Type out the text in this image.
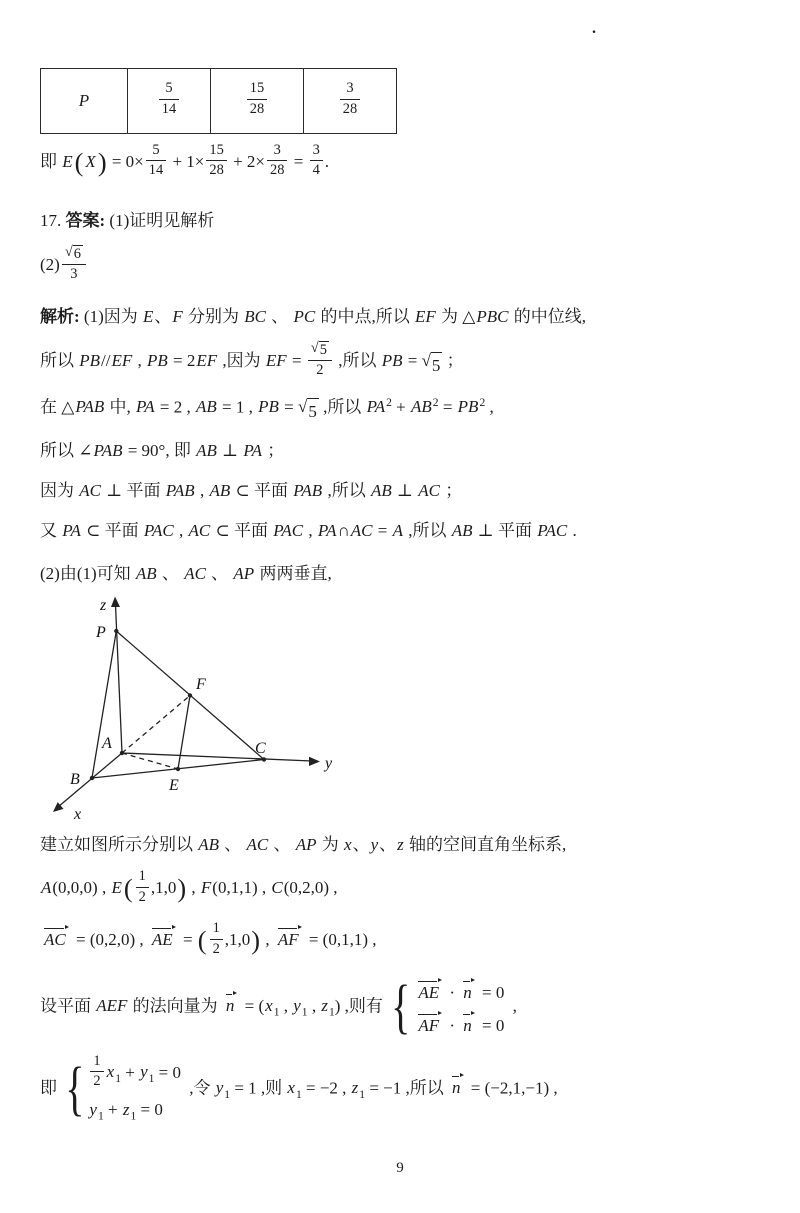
.
P	$\frac{5}{14}$	$\frac{15}{28}$	$\frac{3}{28}$
即 E( $X) = 0\times \frac{5}{14} + 1\times \frac{15}{28} + 2\times \frac{3}{28} = \frac{3}{4}$ .
17. 答案: (1)证明见解析
(2) √ $\frac{6}{3}$
解析: (1)因为 E、F 分别为 BC 、 PC 的中点,所以 EF 为 △PBC 的中位线,
所以 PB//EF , PB = 2EF ,因为 EF = √ $\frac{5}{2}$ ,所以 PB = √ 5 ；
在 △PAB 中, PA = 2 , AB = 1 , PB = √ 5 ,所以 $PA^2 + AB^2 = PB^2$ ,
所以 ∠PAB = 90°, 即 AB ⊥ PA ；
因为 AC ⊥ 平面 PAB , AB ⊂ 平面 PAB ,所以 AB ⊥ AC ；
又 PA ⊂ 平面 PAC , AC ⊂ 平面 PAC , PA∩AC = A ,所以 AB ⊥ 平面 PAC .
(2)由(1)可知 AB 、 AC 、 AP 两两垂直,
z
P
F
A
B	E
C
y
x
建立如图所示分别以 AB 、 AC 、 AP 为 x、y、z 轴的空间直角坐标系,
A(0,0,0) , $E( \frac{1}{2} ,1,0)$ , F(0,1,1) , C(0,2,0) ,
AC = (0,2,0) , AE = ( $\frac{1}{2} ,1,0$) , AF = (0,1,1) ,
设平面 AEF 的法向量为 $n = (x_1$ , $y_1$ , $z_1$) ,则有
{ AE · n = 0
AF · n = 0
,
即 { $\frac{1}{2} x_1 + y_1 = 0$
$y_1 + z_1 = 0$
,令 $y_1 = 1$ ,则 $x_1 = -2$ , $z_1 = -1$ ,所以 n = (−2,1,−1) ,
9
